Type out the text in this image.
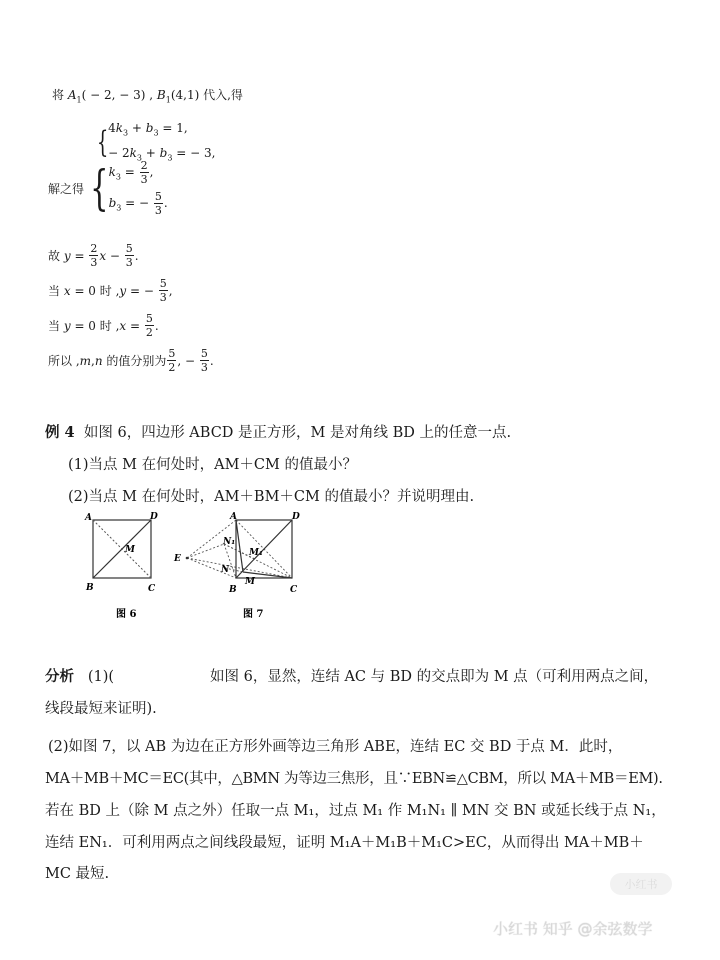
将 $A_1( - 2$, − 3) , $B_1(4,1)$ 代入,得
{ $4k_3 + b_3 = 1$,
− $2k_3 + b_3$ = − 3,
解之得 { $k_3 = \frac{2}{3}$ ,
$b_3$ = − $\frac{5}{3}$ .
故
$y = \frac{2}{3}$ $x - \frac{5}{3}$ .
当
x = 0 时 , y = − $\frac{5}{3}$ ,
当
y = 0 时 , $x = \frac{5}{2}$ .
所以 , m , n 的值分别为 $\frac{5}{2}$ , − $\frac{5}{3}$ .
例 4 如图 6，四边形 ABCD 是正方形，M 是对角线 BD 上的任意一点.
(1)当点 M 在何处时，AM＋CM 的值最小？
(2)当点 M 在何处时，AM＋BM＋CM 的值最小？并说明理由.
A	D
B	C
M
图 6
E
A	D
B	C
N₁
N
M₁
M
图 7
分析 (1)(	如图 6，显然，连结 AC 与 BD 的交点即为 M 点（可利用两点之间，
线段最短来证明).
(2)如图 7，以 AB 为边在正方形外画等边三角形 ABE，连结 EC 交 BD 于点 M．此时，
MA＋MB＋MC＝EC(其中，△BMN 为等边三焦形，且∵EBN≌△CBM，所以 MA＋MB＝EM).
若在 BD 上（除 M 点之外）任取一点 M₁，过点 M₁ 作 M₁N₁ ∥ MN 交 BN 或延长线于点 N₁，
连结 EN₁．可利用两点之间线段最短，证明 M₁A＋M₁B＋M₁C>EC，从而得出 MA＋MB＋
MC 最短.
小红书
小红书 知乎 @余弦数学
